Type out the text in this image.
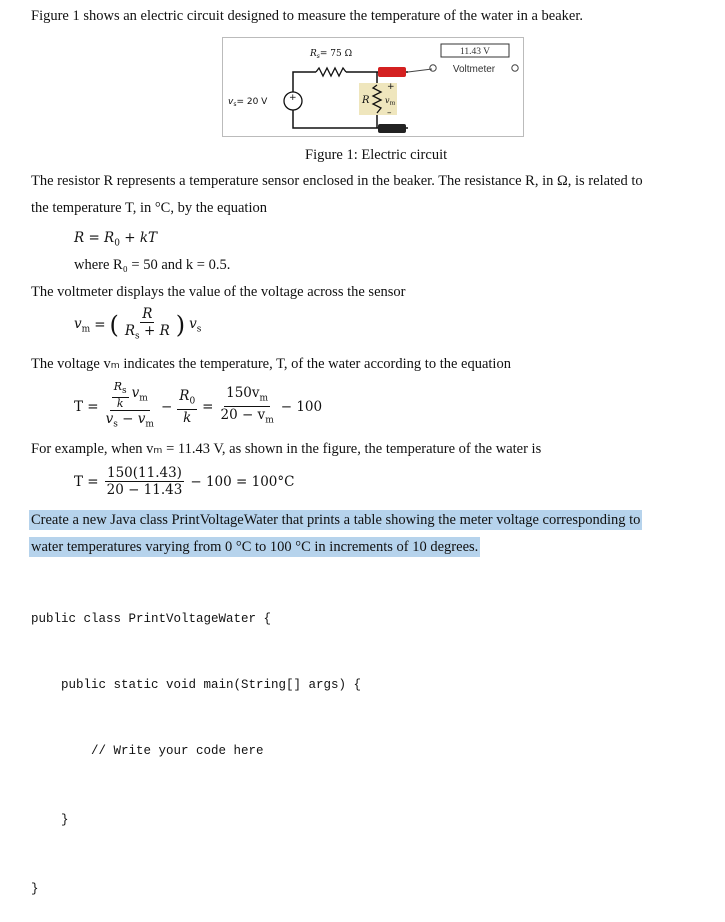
Figure 1 shows an electric circuit designed to measure the temperature of the water in a beaker.
$R_s= 75$ Ω
$v_s= 20$ V +	R
+
–
$v_m$
11.43 V
Voltmeter
Figure 1: Electric circuit
The resistor R represents a temperature sensor enclosed in the beaker. The resistance R, in Ω, is related to
the temperature T, in °C, by the equation
$R = R_0$ + kT
where R₀ = 50 and k = 0.5.
The voltmeter displays the value of the voltage across the sensor
$v_m$ = ( $\frac{R}{R_s + R}$ ) $v_s$
The voltage vₘ indicates the temperature, T, of the water according to the equation
$T = \frac{\frac{R_s}{k} v_m}{v_s - v_m} - \frac{R_0}{k} = \frac{150v_m}{20 - v_m} - 100$
For example, when vₘ = 11.43 V, as shown in the figure, the temperature of the water is
$T = \frac{150(11.43)}{20 - 11.43} - 100 = 100^\circ C$
Create a new Java class PrintVoltageWater that prints a table showing the meter voltage corresponding to
water temperatures varying from 0 °C to 100 °C in increments of 10 degrees.

public class PrintVoltageWater {

public static void main(String[] args) {

// Write your code here

}

}
